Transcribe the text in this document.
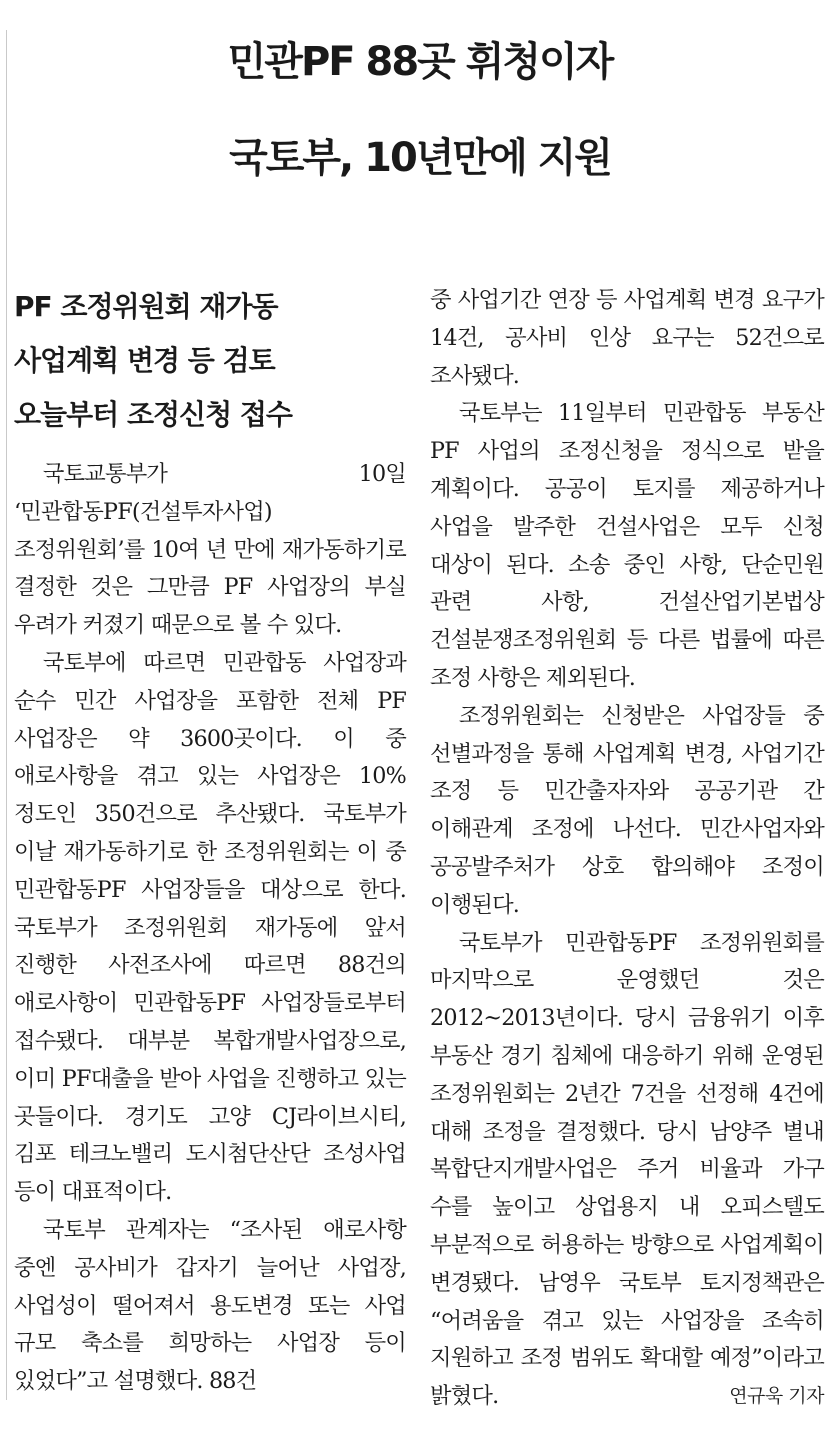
민관PF 88곳 휘청이자
국토부, 10년만에 지원

PF 조정위원회 재가동

사업계획 변경 등 검토

오늘부터 조정신청 접수

국토교통부가 10일 ‘민관합동PF(건설투자사업) 조정위원회’를 10여 년 만에 재가동하기로 결정한 것은 그만큼 PF 사업장의 부실 우려가 커졌기 때문으로 볼 수 있다.

국토부에 따르면 민관합동 사업장과 순수 민간 사업장을 포함한 전체 PF 사업장은 약 3600곳이다. 이 중 애로사항을 겪고 있는 사업장은 10% 정도인 350건으로 추산됐다. 국토부가 이날 재가동하기로 한 조정위원회는 이 중 민관합동PF 사업장들을 대상으로 한다. 국토부가 조정위원회 재가동에 앞서 진행한 사전조사에 따르면 88건의 애로사항이 민관합동PF 사업장들로부터 접수됐다. 대부분 복합개발사업장으로, 이미 PF대출을 받아 사업을 진행하고 있는 곳들이다. 경기도 고양 CJ라이브시티, 김포 테크노밸리 도시첨단산단 조성사업 등이 대표적이다.

국토부 관계자는 “조사된 애로사항 중엔 공사비가 갑자기 늘어난 사업장, 사업성이 떨어져서 용도변경 또는 사업 규모 축소를 희망하는 사업장 등이 있었다”고 설명했다. 88건

중 사업기간 연장 등 사업계획 변경 요구가 14건, 공사비 인상 요구는 52건으로 조사됐다.

국토부는 11일부터 민관합동 부동산 PF 사업의 조정신청을 정식으로 받을 계획이다. 공공이 토지를 제공하거나 사업을 발주한 건설사업은 모두 신청 대상이 된다. 소송 중인 사항, 단순민원 관련 사항, 건설산업기본법상 건설분쟁조정위원회 등 다른 법률에 따른 조정 사항은 제외된다.

조정위원회는 신청받은 사업장들 중 선별과정을 통해 사업계획 변경, 사업기간 조정 등 민간출자자와 공공기관 간 이해관계 조정에 나선다. 민간사업자와 공공발주처가 상호 합의해야 조정이 이행된다.

국토부가 민관합동PF 조정위원회를 마지막으로 운영했던 것은 2012~2013년이다. 당시 금융위기 이후 부동산 경기 침체에 대응하기 위해 운영된 조정위원회는 2년간 7건을 선정해 4건에 대해 조정을 결정했다. 당시 남양주 별내 복합단지개발사업은 주거 비율과 가구 수를 높이고 상업용지 내 오피스텔도 부분적으로 허용하는 방향으로 사업계획이 변경됐다. 남영우 국토부 토지정책관은 “어려움을 겪고 있는 사업장을 조속히 지원하고 조정 범위도 확대할 예정”이라고 밝혔다.	연규욱 기자
